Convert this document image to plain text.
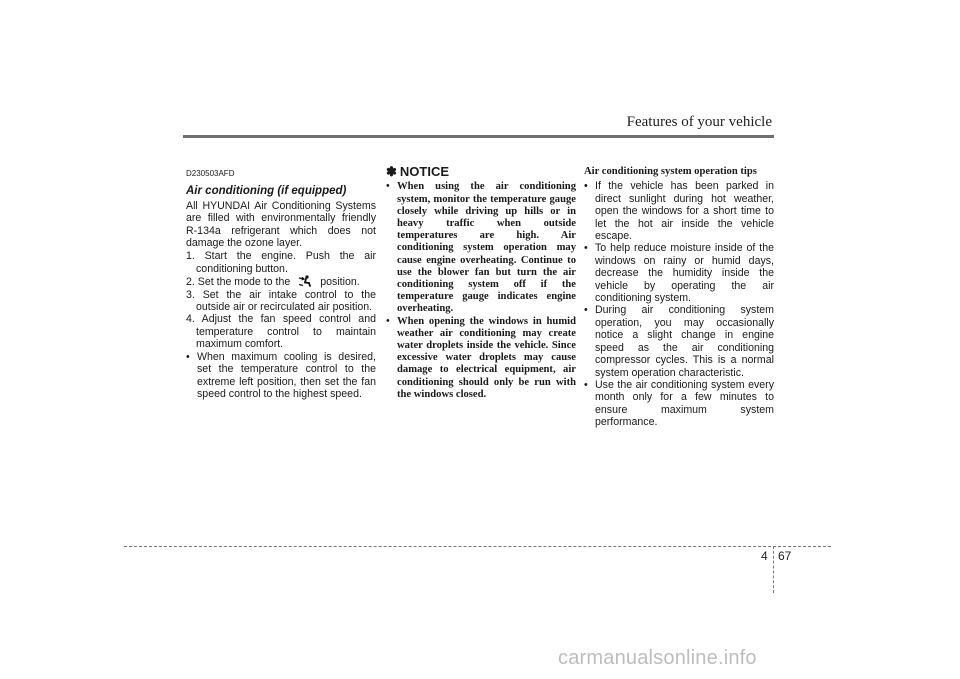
Features of your vehicle
D230503AFD
Air conditioning (if equipped)

All HYUNDAI Air Conditioning Systems are filled with environmentally friendly R-134a refrigerant which does not damage the ozone layer.

1. Start the engine. Push the air conditioning button.

2. Set the mode to the	position.

3. Set the air intake control to the outside air or recirculated air position.

4. Adjust the fan speed control and temperature control to maintain maximum comfort.

• When maximum cooling is desired, set the temperature control to the extreme left position, then set the fan speed control to the highest speed.

✽ NOTICE

• When using the air conditioning system, monitor the temperature gauge closely while driving up hills or in heavy traffic when outside temperatures are high. Air conditioning system operation may cause engine overheating. Continue to use the blower fan but turn the air conditioning system off if the temperature gauge indicates engine overheating.

• When opening the windows in humid weather air conditioning may create water droplets inside the vehicle. Since excessive water droplets may cause damage to electrical equipment, air conditioning should only be run with the windows closed.

Air conditioning system operation tips

• If the vehicle has been parked in direct sunlight during hot weather, open the windows for a short time to let the hot air inside the vehicle escape.

• To help reduce moisture inside of the windows on rainy or humid days, decrease the humidity inside the vehicle by operating the air conditioning system.

• During air conditioning system operation, you may occasionally notice a slight change in engine speed as the air conditioning compressor cycles. This is a normal system operation characteristic.

• Use the air conditioning system every month only for a few minutes to ensure maximum system performance.

4 67
carmanualsonline.info
